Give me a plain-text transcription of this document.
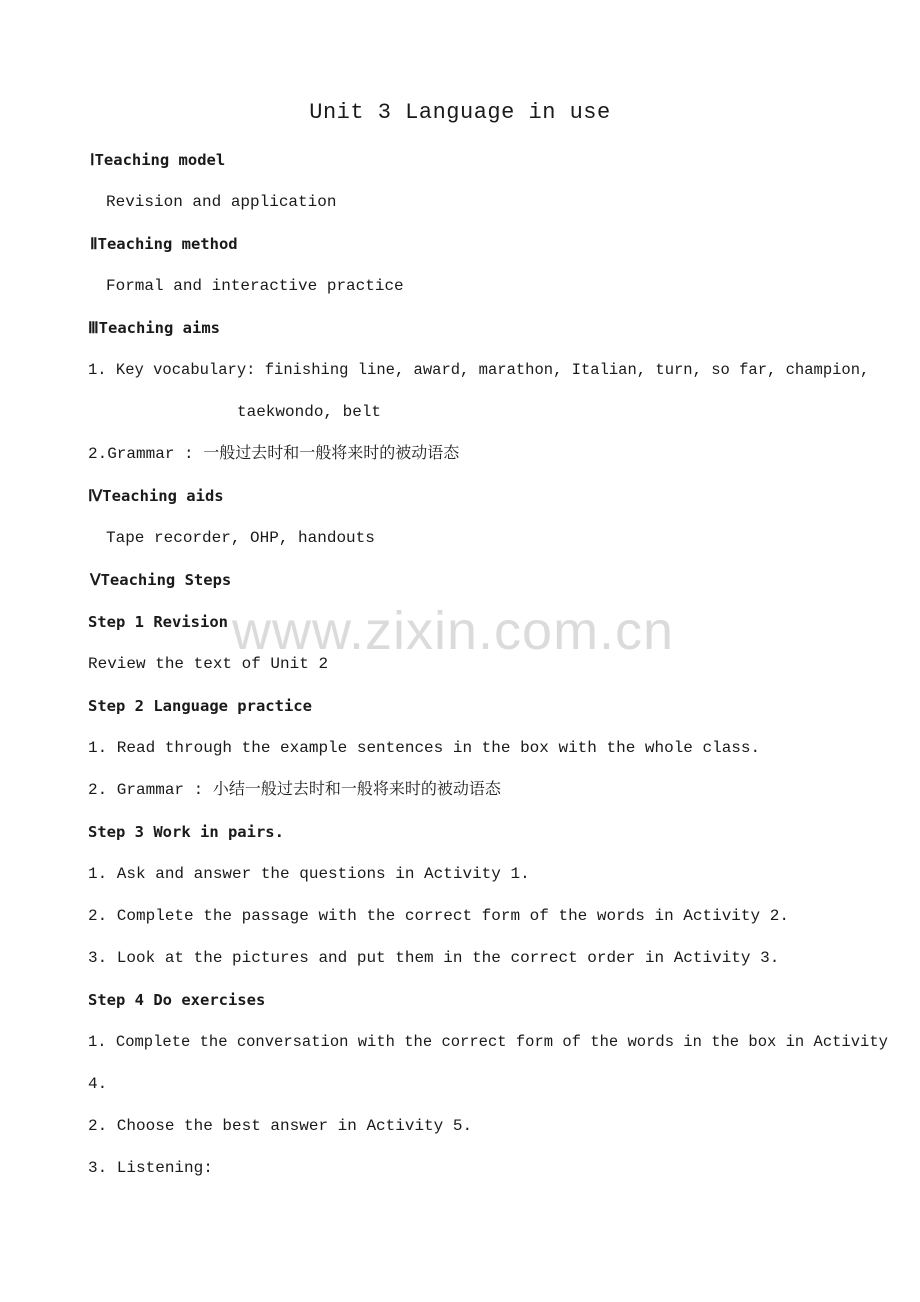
Unit 3 Language in use
ⅠTeaching model
Revision and application
ⅡTeaching method
Formal and interactive practice
ⅢTeaching aims
1. Key vocabulary: finishing line, award, marathon, Italian, turn, so far, champion,
taekwondo, belt
2.Grammar : 一般过去时和一般将来时的被动语态
ⅣTeaching aids
Tape recorder, OHP, handouts
ⅤTeaching Steps
Step 1 Revision
Review the text of Unit 2
Step 2 Language practice
1. Read through the example sentences in the box with the whole class.
2. Grammar : 小结一般过去时和一般将来时的被动语态
Step 3 Work in pairs.
1. Ask and answer the questions in Activity 1.
2. Complete the passage with the correct form of the words in Activity 2.
3. Look at the pictures and put them in the correct order in Activity 3.
Step 4 Do exercises
1. Complete the conversation with the correct form of the words in the box in Activity
4.
2. Choose the best answer in Activity 5.
3. Listening:
www.zixin.com.cn
